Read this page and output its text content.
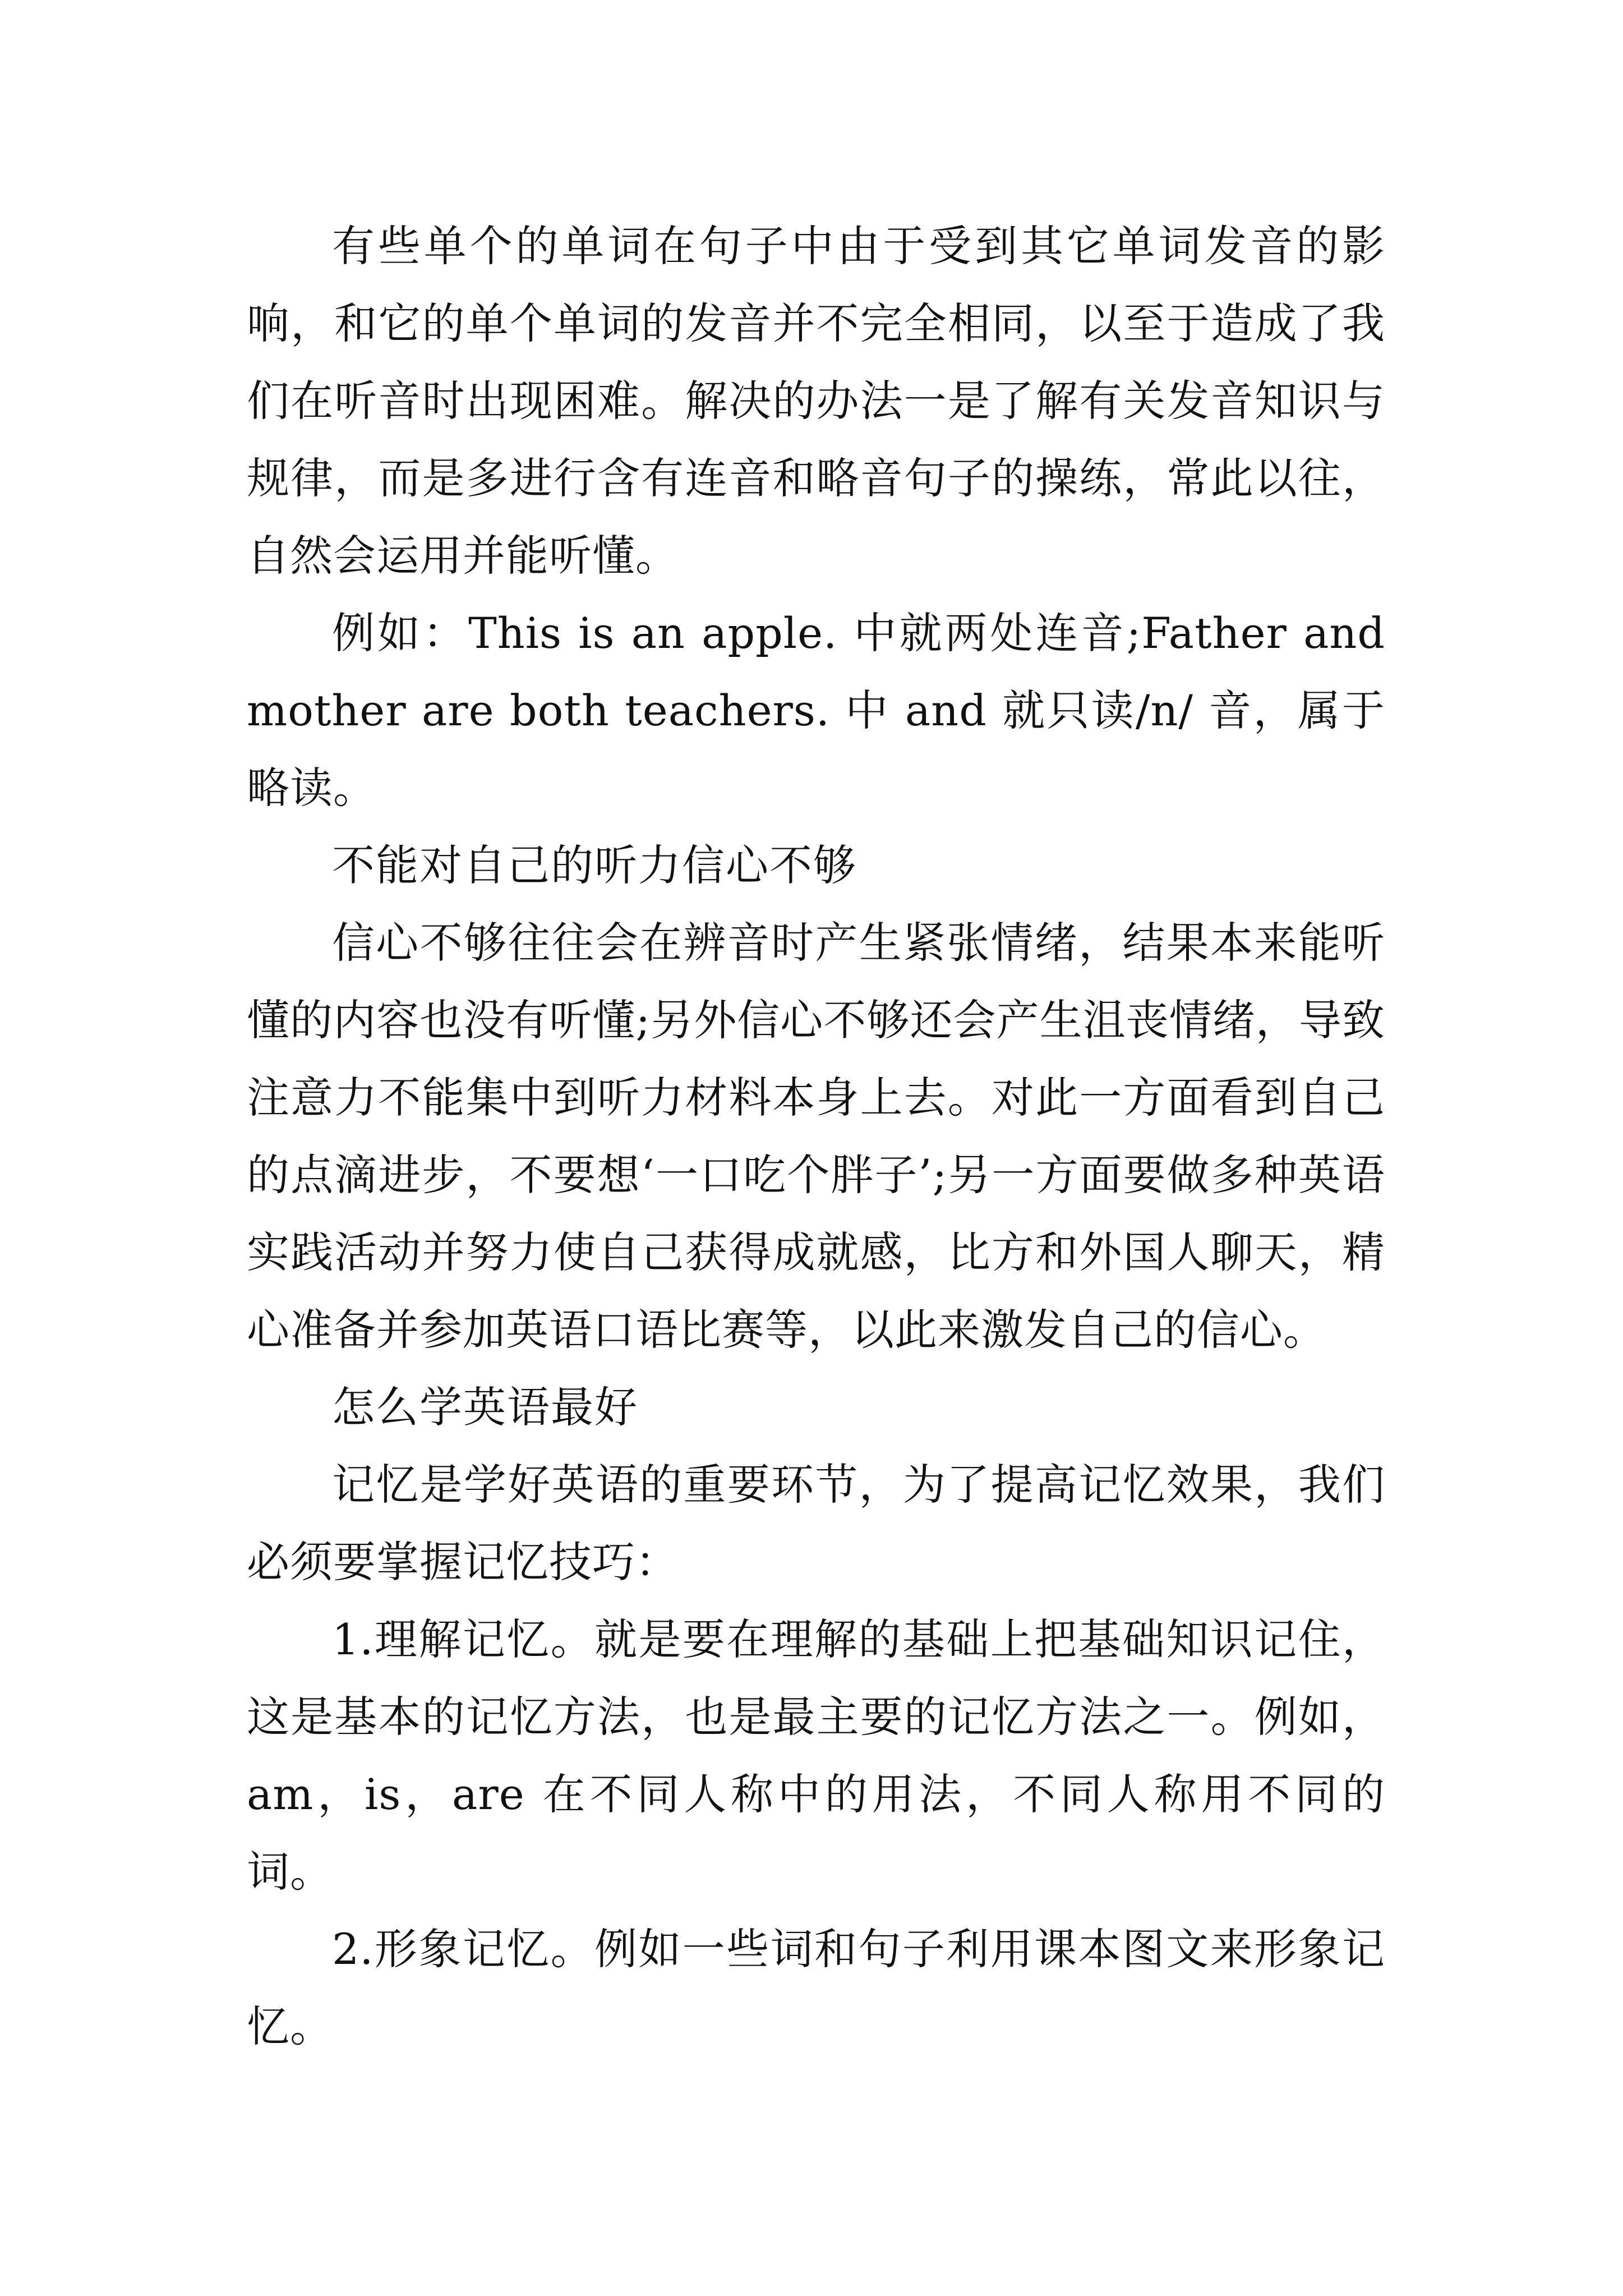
有些单个的单词在句子中由于受到其它单词发音的影响，和它的单个单词的发音并不完全相同，以至于造成了我们在听音时出现困难。解决的办法一是了解有关发音知识与规律，而是多进行含有连音和略音句子的操练，常此以往，自然会运用并能听懂。

例如：This is an apple. 中就两处连音;Father and mother are both teachers. 中 and 就只读/n/ 音，属于略读。

不能对自己的听力信心不够

信心不够往往会在辨音时产生紧张情绪，结果本来能听懂的内容也没有听懂;另外信心不够还会产生沮丧情绪，导致注意力不能集中到听力材料本身上去。对此一方面看到自己的点滴进步，不要想‘一口吃个胖子’;另一方面要做多种英语实践活动并努力使自己获得成就感，比方和外国人聊天，精心准备并参加英语口语比赛等，以此来激发自己的信心。

怎么学英语最好

记忆是学好英语的重要环节，为了提高记忆效果，我们必须要掌握记忆技巧：

1.理解记忆。就是要在理解的基础上把基础知识记住，这是基本的记忆方法，也是最主要的记忆方法之一。例如，am，is，are 在不同人称中的用法，不同人称用不同的词。

2.形象记忆。例如一些词和句子利用课本图文来形象记忆。
